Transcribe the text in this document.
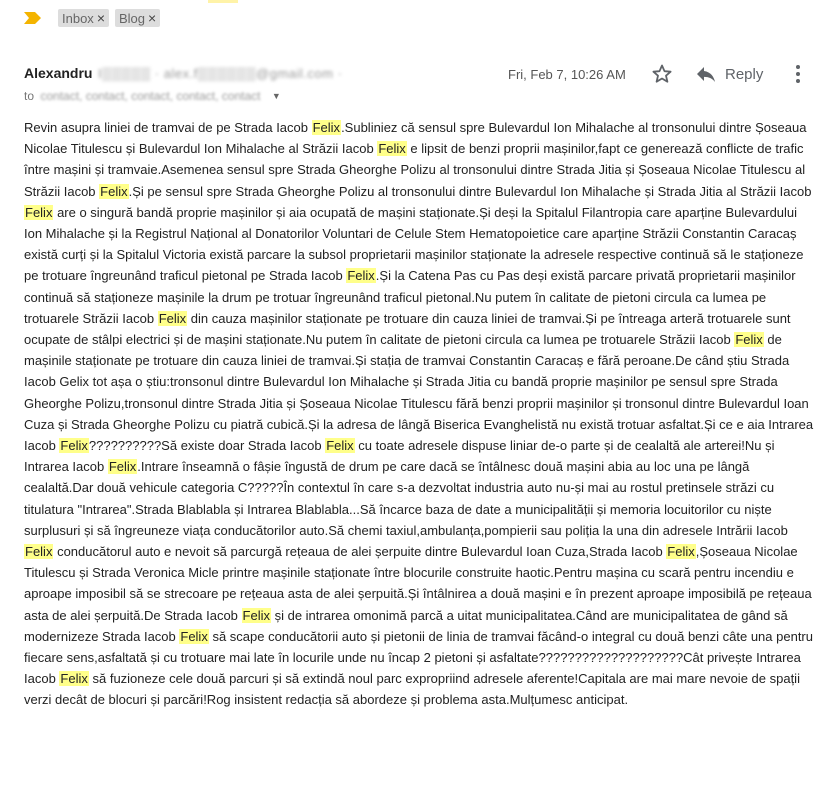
Inbox × Blog ×
Alexandru I▒▒▒▒▒ · alex.f▒▒▒▒▒▒@gmail.com ·	Fri, Feb 7, 10:26 AM	Reply
to contact, contact, contact, contact, contact ▼
Revin asupra liniei de tramvai de pe Strada Iacob Felix.Subliniez că sensul spre Bulevardul Ion Mihalache al tronsonului dintre Șoseaua Nicolae Titulescu și Bulevardul Ion Mihalache al Străzii Iacob Felix e lipsit de benzi proprii mașinilor,fapt ce generează conflicte de trafic între mașini și tramvaie.Asemenea sensul spre Strada Gheorghe Polizu al tronsonului dintre Strada Jitia și Șoseaua Nicolae Titulescu al Străzii Iacob Felix.Și pe sensul spre Strada Gheorghe Polizu al tronsonului dintre Bulevardul Ion Mihalache și Strada Jitia al Străzii Iacob Felix are o singură bandă proprie mașinilor și aia ocupată de mașini staționate.Și deși la Spitalul Filantropia care aparține Bulevardului Ion Mihalache și la Registrul Național al Donatorilor Voluntari de Celule Stem Hematopoietice care aparține Străzii Constantin Caracaș există curți și la Spitalul Victoria există parcare la subsol proprietarii mașinilor staționate la adresele respective continuă să le staționeze pe trotuare îngreunând traficul pietonal pe Strada Iacob Felix.Și la Catena Pas cu Pas deși există parcare privată proprietarii mașinilor continuă să staționeze mașinile la drum pe trotuar îngreunând traficul pietonal.Nu putem în calitate de pietoni circula ca lumea pe trotuarele Străzii Iacob Felix din cauza mașinilor staționate pe trotuare din cauza liniei de tramvai.Și pe întreaga arteră trotuarele sunt ocupate de stâlpi electrici și de mașini staționate.Nu putem în calitate de pietoni circula ca lumea pe trotuarele Străzii Iacob Felix de mașinile staționate pe trotuare din cauza liniei de tramvai.Și stația de tramvai Constantin Caracaș e fără peroane.De când știu Strada Iacob Gelix tot așa o știu:tronsonul dintre Bulevardul Ion Mihalache și Strada Jitia cu bandă proprie mașinilor pe sensul spre Strada Gheorghe Polizu,tronsonul dintre Strada Jitia și Șoseaua Nicolae Titulescu fără benzi proprii mașinilor și tronsonul dintre Bulevardul Ioan Cuza și Strada Gheorghe Polizu cu piatră cubică.Și la adresa de lângă Biserica Evanghelistă nu există trotuar asfaltat.Și ce e aia Intrarea Iacob Felix??????????Să existe doar Strada Iacob Felix cu toate adresele dispuse liniar de-o parte și de cealaltă ale arterei!Nu și Intrarea Iacob Felix.Intrare înseamnă o fâșie îngustă de drum pe care dacă se întâlnesc două mașini abia au loc una pe lângă cealaltă.Dar două vehicule categoria C?????În contextul în care s-a dezvoltat industria auto nu-și mai au rostul pretinsele străzi cu titulatura "Intrarea".Strada Blablabla și Intrarea Blablabla...Să încarce baza de date a municipalității și memoria locuitorilor cu niște surplusuri și să îngreuneze viața conducătorilor auto.Să chemi taxiul,ambulanța,pompierii sau poliția la una din adresele Intrării Iacob Felix conducătorul auto e nevoit să parcurgă rețeaua de alei șerpuite dintre Bulevardul Ioan Cuza,Strada Iacob Felix,Șoseaua Nicolae Titulescu și Strada Veronica Micle printre mașinile staționate între blocurile construite haotic.Pentru mașina cu scară pentru incendiu e aproape imposibil să se strecoare pe rețeaua asta de alei șerpuită.Și întâlnirea a două mașini e în prezent aproape imposibilă pe rețeaua asta de alei șerpuită.De Strada Iacob Felix și de intrarea omonimă parcă a uitat municipalitatea.Când are municipalitatea de gând să modernizeze Strada Iacob Felix să scape conducătorii auto și pietonii de linia de tramvai făcând-o integral cu două benzi câte una pentru fiecare sens,asfaltată și cu trotuare mai late în locurile unde nu încap 2 pietoni și asfaltate????????????????????Cât privește Intrarea Iacob Felix să fuzioneze cele două parcuri și să extindă noul parc expropriind adresele aferente!Capitala are mai mare nevoie de spații verzi decât de blocuri și parcări!Rog insistent redacția să abordeze și problema asta.Mulțumesc anticipat.
